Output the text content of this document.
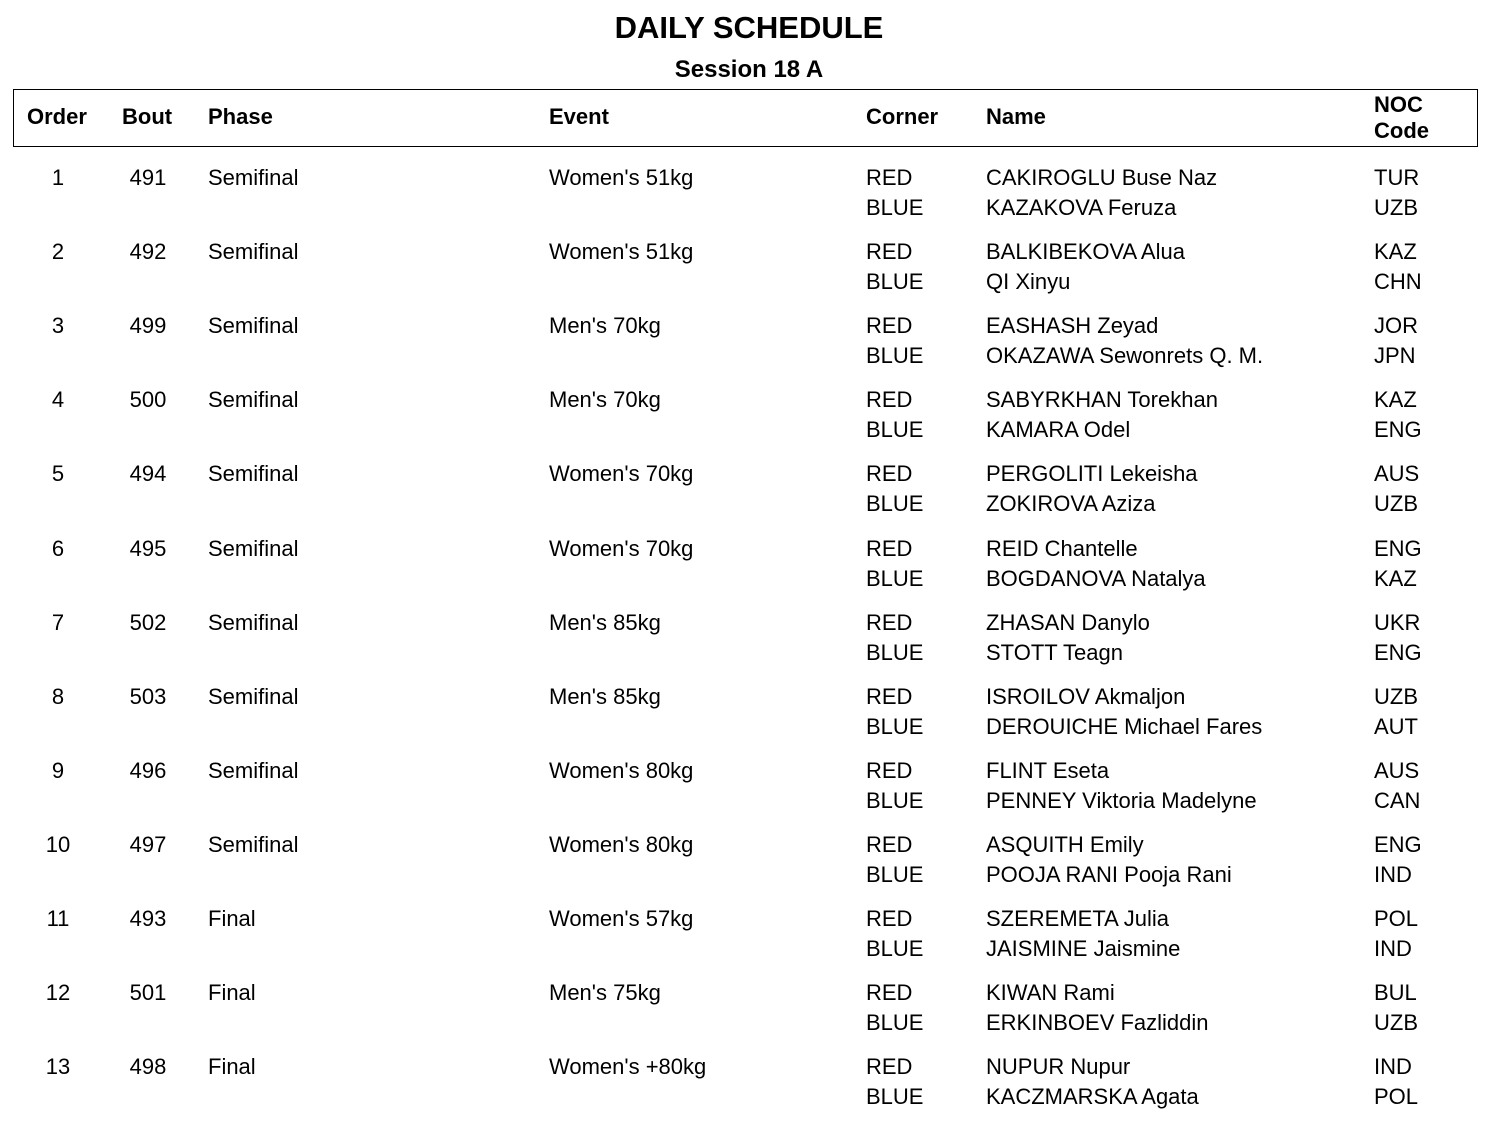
DAILY SCHEDULE
Session 18 A
Order Bout Phase	Event	Corner Name	NOC
Code
1	491	Semifinal	Women's 51kg	RED	CAKIROGLU Buse Naz	TUR
BLUE	KAZAKOVA Feruza	UZB
2	492	Semifinal	Women's 51kg	RED	BALKIBEKOVA Alua	KAZ
BLUE	QI Xinyu	CHN
3	499	Semifinal	Men's 70kg	RED	EASHASH Zeyad	JOR
BLUE	OKAZAWA Sewonrets Q. M.	JPN
4	500	Semifinal	Men's 70kg	RED	SABYRKHAN Torekhan	KAZ
BLUE	KAMARA Odel	ENG
5	494	Semifinal	Women's 70kg	RED	PERGOLITI Lekeisha	AUS
BLUE	ZOKIROVA Aziza	UZB
6	495	Semifinal	Women's 70kg	RED	REID Chantelle	ENG
BLUE	BOGDANOVA Natalya	KAZ
7	502	Semifinal	Men's 85kg	RED	ZHASAN Danylo	UKR
BLUE	STOTT Teagn	ENG
8	503	Semifinal	Men's 85kg	RED	ISROILOV Akmaljon	UZB
BLUE	DEROUICHE Michael Fares	AUT
9	496	Semifinal	Women's 80kg	RED	FLINT Eseta	AUS
BLUE	PENNEY Viktoria Madelyne	CAN
10	497	Semifinal	Women's 80kg	RED	ASQUITH Emily	ENG
BLUE	POOJA RANI Pooja Rani	IND
11	493	Final	Women's 57kg	RED	SZEREMETA Julia	POL
BLUE	JAISMINE Jaismine	IND
12	501	Final	Men's 75kg	RED	KIWAN Rami	BUL
BLUE	ERKINBOEV Fazliddin	UZB
13	498	Final	Women's +80kg	RED	NUPUR Nupur	IND
BLUE	KACZMARSKA Agata	POL
